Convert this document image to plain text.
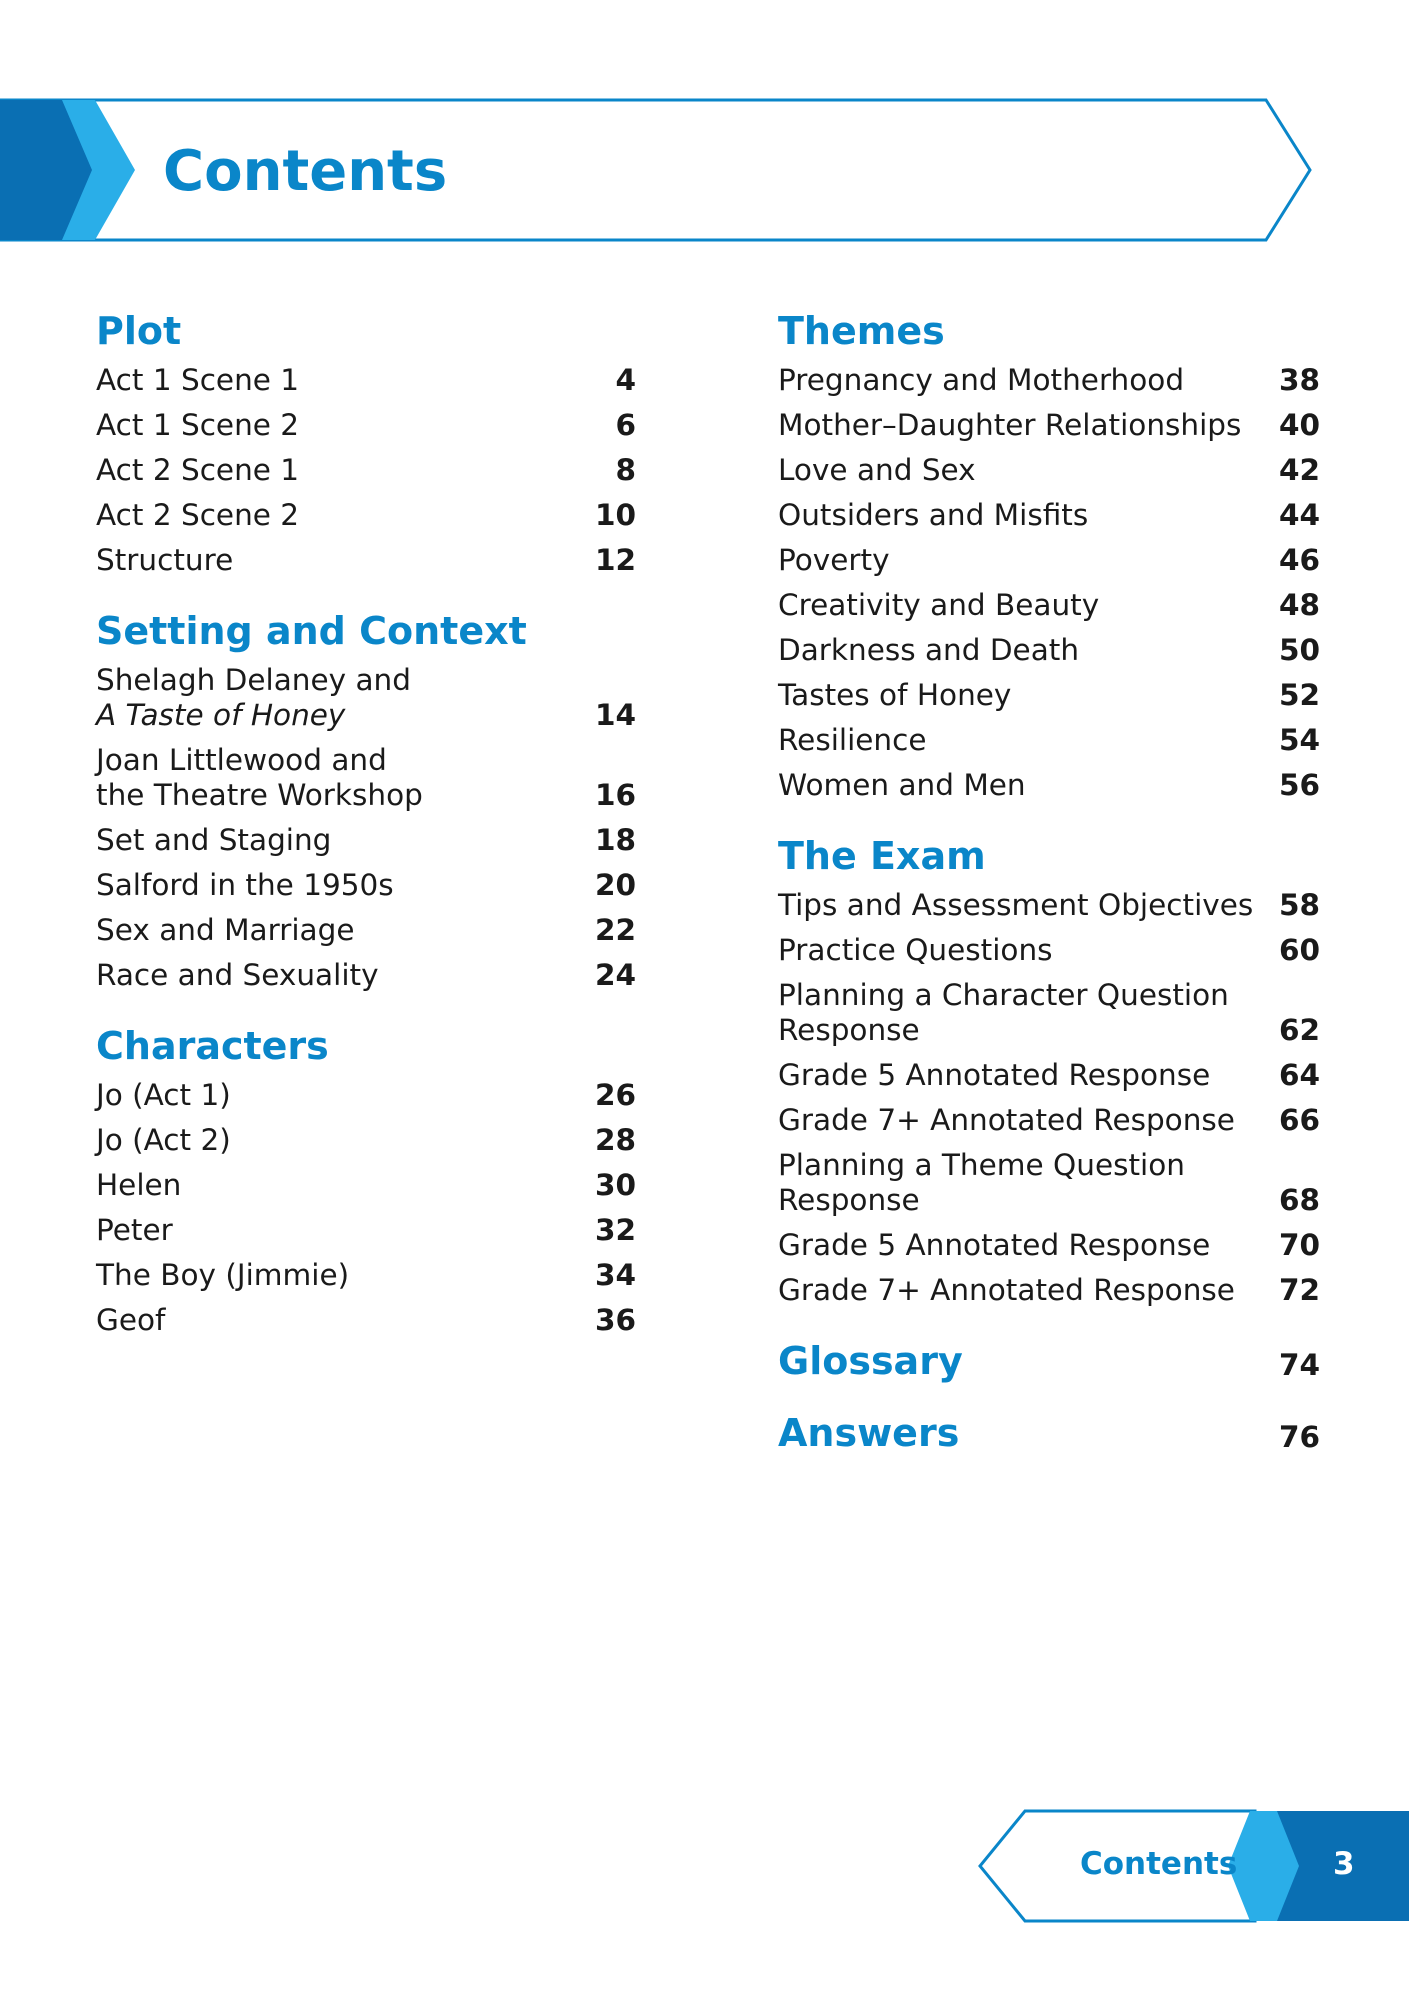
Contents
Plot
Act 1 Scene 1	4
Act 1 Scene 2	6
Act 2 Scene 1	8
Act 2 Scene 2	10
Structure	12
Setting and Context
Shelagh Delaney and
A Taste of Honey	14
Joan Littlewood and
the Theatre Workshop	16
Set and Staging	18
Salford in the 1950s	20
Sex and Marriage	22
Race and Sexuality	24
Characters
Jo (Act 1)	26
Jo (Act 2)	28
Helen	30
Peter	32
The Boy (Jimmie)	34
Geof	36
Themes
Pregnancy and Motherhood	38
Mother–Daughter Relationships 40
Love and Sex	42
Outsiders and Misfits	44
Poverty	46
Creativity and Beauty	48
Darkness and Death	50
Tastes of Honey	52
Resilience	54
Women and Men	56
The Exam
Tips and Assessment Objectives 58
Practice Questions	60
Planning a Character Question
Response	62
Grade 5 Annotated Response 64
Grade 7+ Annotated Response 66
Planning a Theme Question
Response	68
Grade 5 Annotated Response 70
Grade 7+ Annotated Response 72
Glossary	74
Answers	76
Contents	3
